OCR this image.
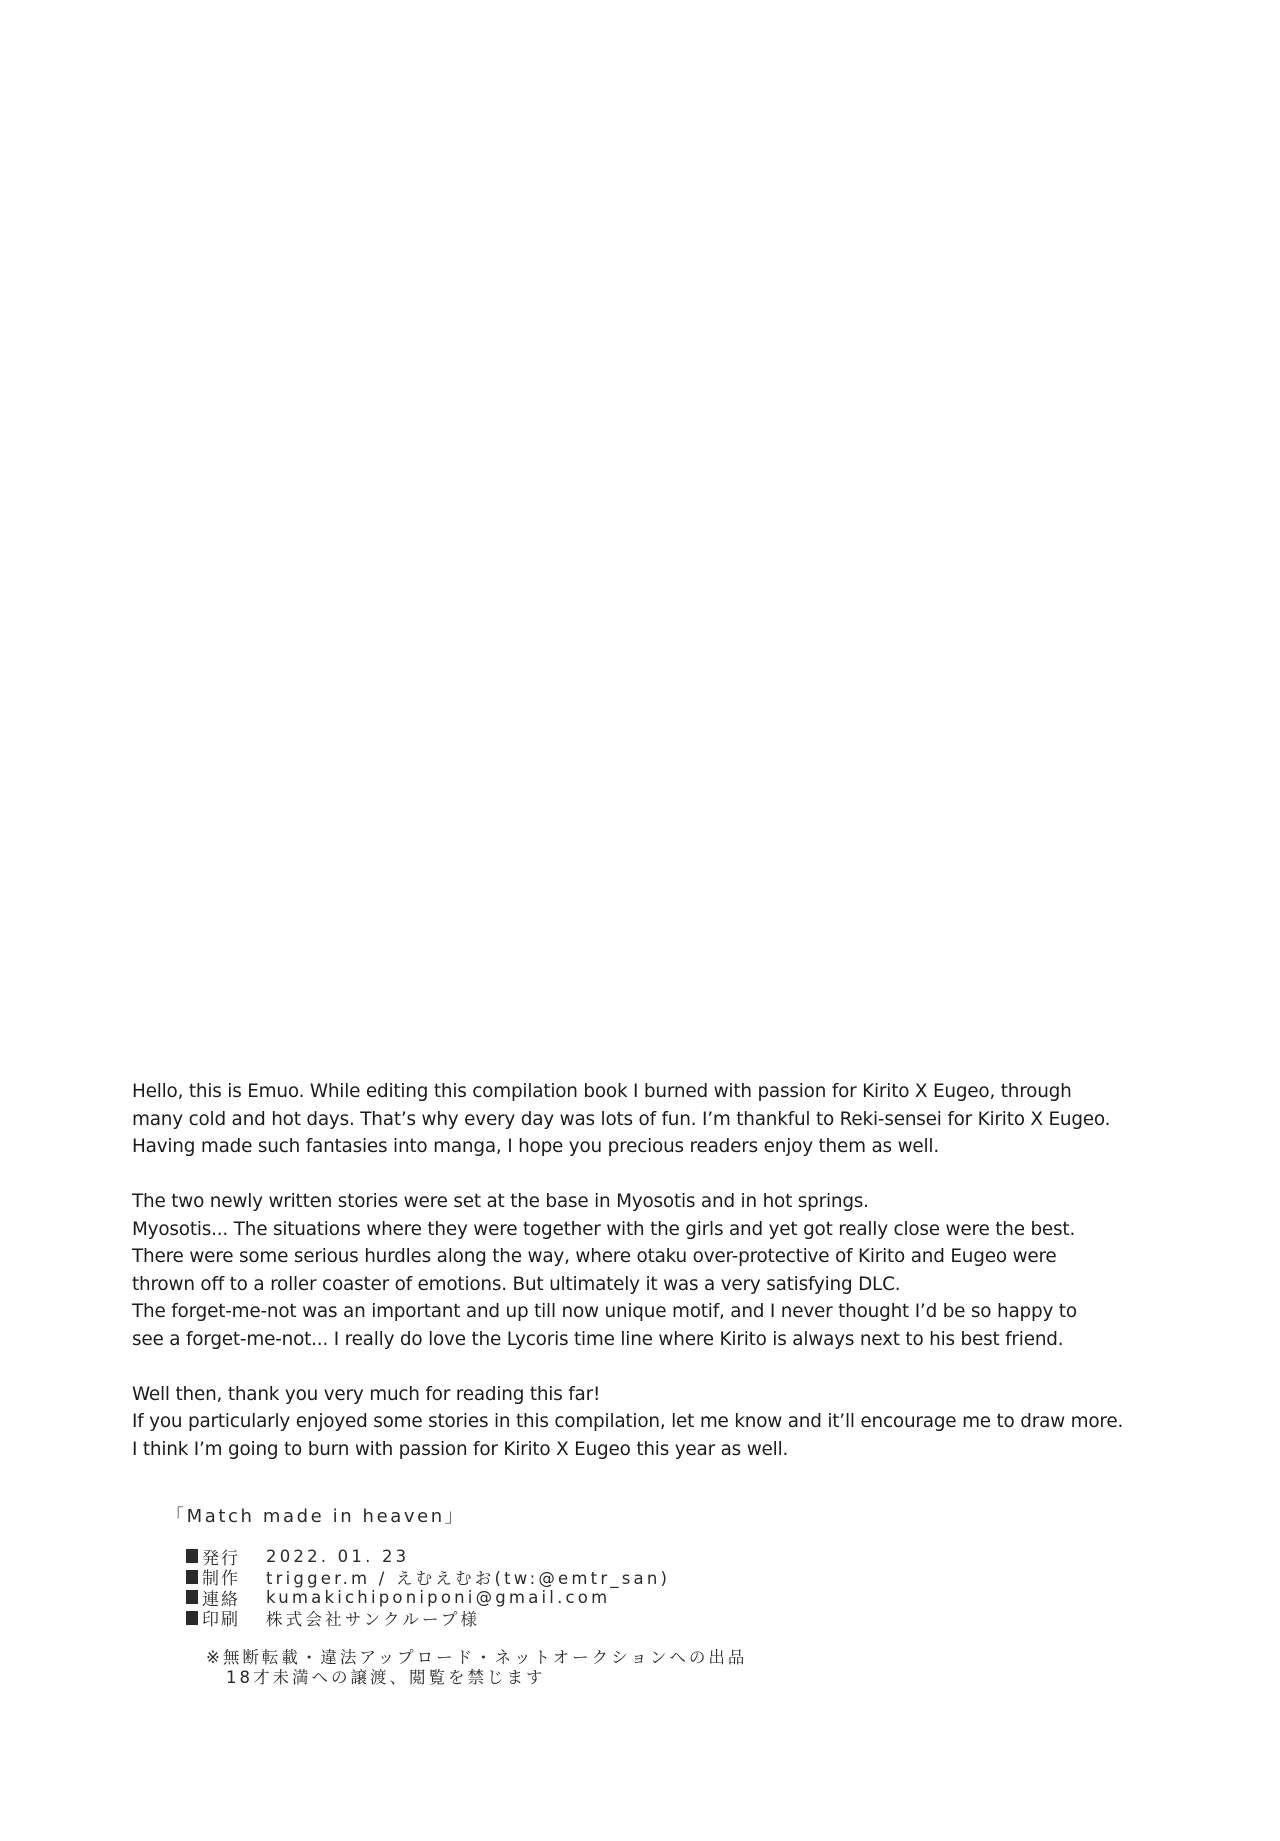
Hello, this is Emuo. While editing this compilation book I burned with passion for Kirito X Eugeo, through
many cold and hot days. That’s why every day was lots of fun. I’m thankful to Reki-sensei for Kirito X Eugeo.
Having made such fantasies into manga, I hope you precious readers enjoy them as well.

The two newly written stories were set at the base in Myosotis and in hot springs.
Myosotis... The situations where they were together with the girls and yet got really close were the best.
There were some serious hurdles along the way, where otaku over-protective of Kirito and Eugeo were
thrown off to a roller coaster of emotions. But ultimately it was a very satisfying DLC.
The forget-me-not was an important and up till now unique motif, and I never thought I’d be so happy to
see a forget-me-not... I really do love the Lycoris time line where Kirito is always next to his best friend.

Well then, thank you very much for reading this far!
If you particularly enjoyed some stories in this compilation, let me know and it’ll encourage me to draw more.
I think I’m going to burn with passion for Kirito X Eugeo this year as well.

「Match made in heaven」
発行	2022. 01. 23
制作	trigger.m / えむえむお(tw:@emtr_san)
連絡	kumakichiponiponi@gmail.com
印刷	株式会社サンクループ様
※無断転載・違法アップロード・ネットオークションへの出品
18才未満への譲渡、閲覧を禁じます
